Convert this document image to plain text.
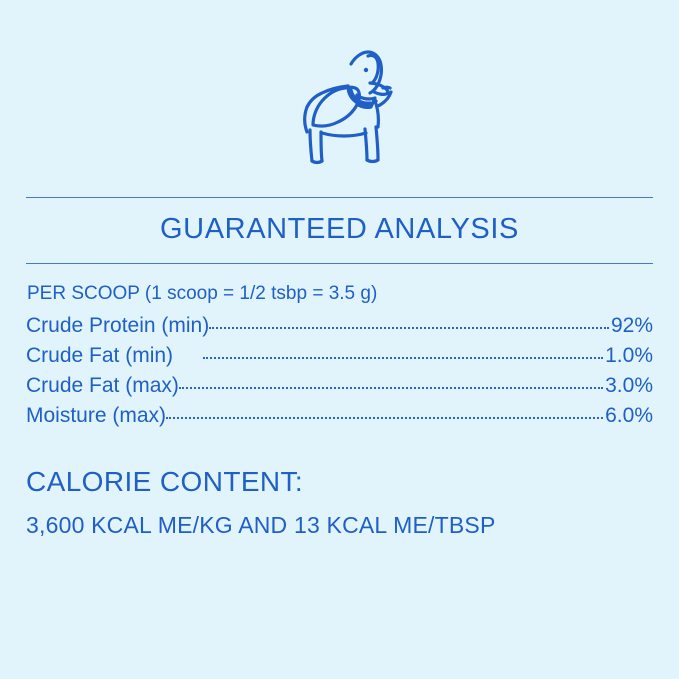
GUARANTEED ANALYSIS

PER SCOOP (1 scoop = 1/2 tsbp = 3.5 g)

Crude Protein (min)	92%
Crude Fat (min)	1.0%
Crude Fat (max)	3.0%
Moisture (max)	6.0%
CALORIE CONTENT:
3,600 KCAL ME/KG AND 13 KCAL ME/TBSP
